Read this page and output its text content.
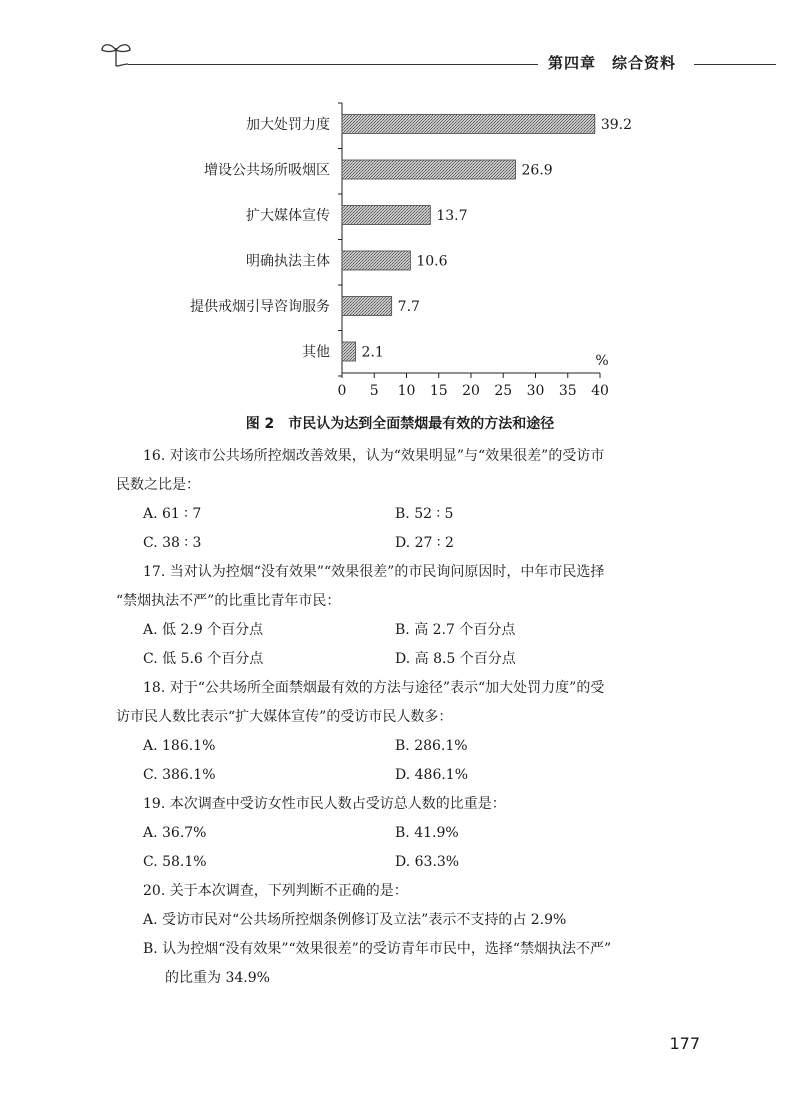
第四章　 综合资料
加大处罚力度	39.2
增设公共场所吸烟区	26.9
扩大媒体宣传	13.7
明确执法主体	10.6
提供戒烟引导咨询服务	7.7
其他 2.1
0 5 10 15 20 25 30 35 40
%
图 2　市民认为达到全面禁烟最有效的方法和途径
16. 对该市公共场所控烟改善效果，认为“效果明显”与“效果很差”的受访市
民数之比是：
A. 61 ∶ 7	B. 52 ∶ 5
C. 38 ∶ 3	D. 27 ∶ 2
17. 当对认为控烟“没有效果”“效果很差”的市民询问原因时，中年市民选择
“禁烟执法不严”的比重比青年市民：
A. 低 2.9 个百分点	B. 高 2.7 个百分点
C. 低 5.6 个百分点	D. 高 8.5 个百分点
18. 对于“公共场所全面禁烟最有效的方法与途径”表示“加大处罚力度”的受
访市民人数比表示“扩大媒体宣传”的受访市民人数多：
A. 186.1%	B. 286.1%
C. 386.1%	D. 486.1%
19. 本次调查中受访女性市民人数占受访总人数的比重是：
A. 36.7%	B. 41.9%
C. 58.1%	D. 63.3%
20. 关于本次调查，下列判断不正确的是：
A. 受访市民对“公共场所控烟条例修订及立法”表示不支持的占 2.9%
B. 认为控烟“没有效果”“效果很差”的受访青年市民中，选择“禁烟执法不严”
的比重为 34.9%
177
